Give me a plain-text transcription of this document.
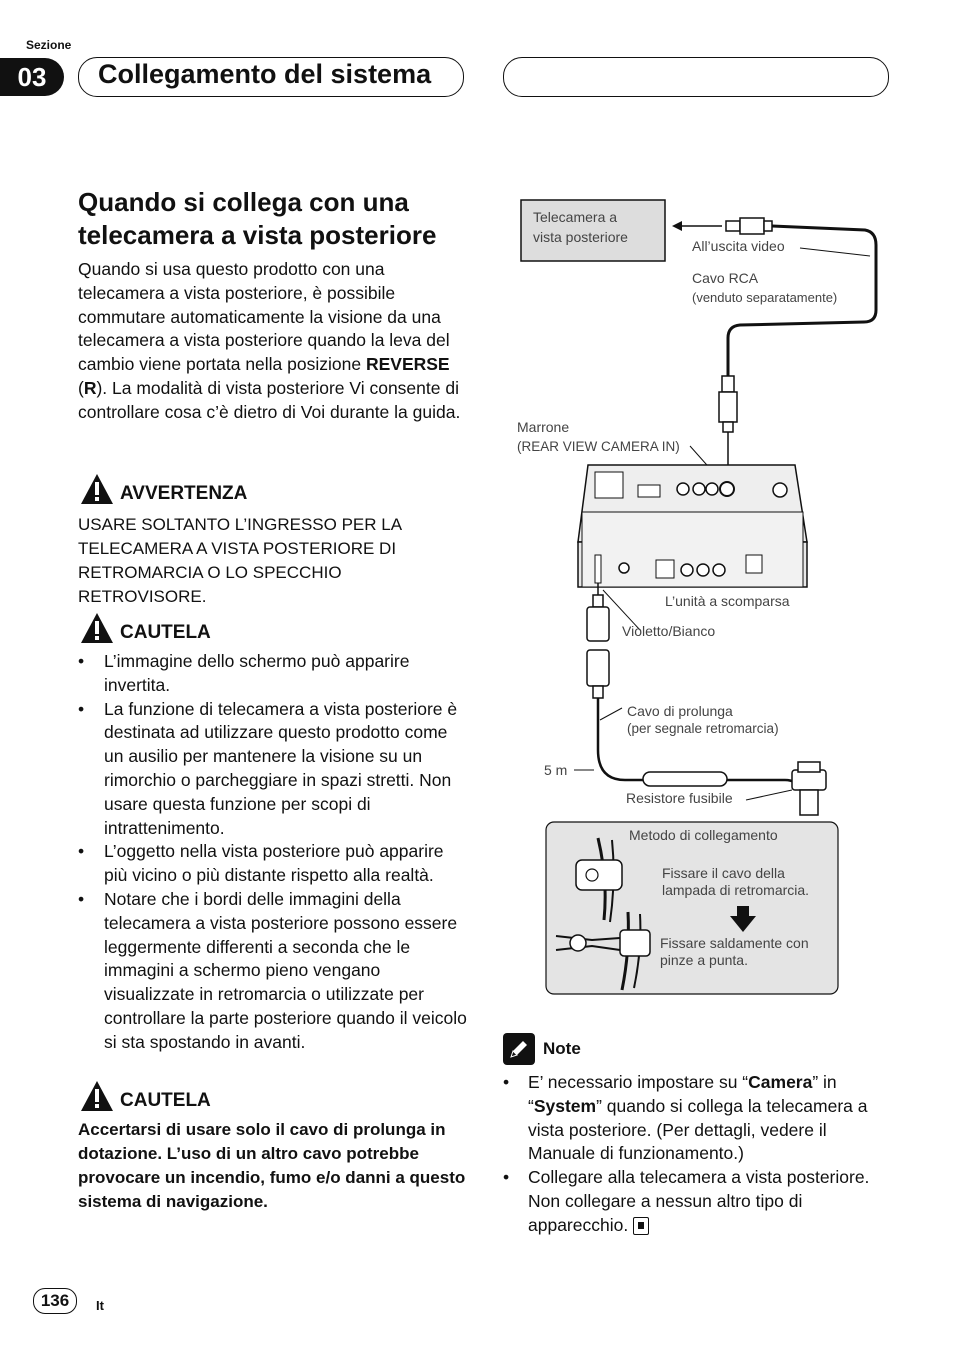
Sezione
03	Collegamento del sistema
Quando si collega con una telecamera a vista posteriore
Quando si usa questo prodotto con una telecamera a vista posteriore, è possibile commutare automaticamente la visione da una telecamera a vista posteriore quando la leva del cambio viene portata nella posizione REVERSE (R). La modalità di vista posteriore Vi consente di controllare cosa c’è dietro di Voi durante la guida.
AVVERTENZA
USARE SOLTANTO L’INGRESSO PER LA TELECAMERA A VISTA POSTERIORE DI RETROMARCIA O LO SPECCHIO RETROVISORE.
CAUTELA
• L’immagine dello schermo può apparire invertita.
• La funzione di telecamera a vista posteriore è destinata ad utilizzare questo prodotto come un ausilio per mantenere la visione su un rimorchio o parcheggiare in spazi stretti. Non usare questa funzione per scopi di intrattenimento.
• L’oggetto nella vista posteriore può apparire più vicino o più distante rispetto alla realtà.
• Notare che i bordi delle immagini della telecamera a vista posteriore possono essere leggermente differenti a seconda che le immagini a schermo pieno vengano visualizzate in retromarcia o utilizzate per controllare la parte posteriore quando il veicolo si sta spostando in avanti.
CAUTELA
Accertarsi di usare solo il cavo di prolunga in dotazione. L’uso di un altro cavo potrebbe provocare un incendio, fumo e/o danni a questo sistema di navigazione.
Telecamera a
vista posteriore
All’uscita video
Cavo RCA
(venduto separatamente)
Marrone
(REAR VIEW CAMERA IN)
L’unità a scomparsa
Violetto/Bianco
Cavo di prolunga
(per segnale retromarcia)
5 m
Resistore fusibile
Metodo di collegamento
Fissare il cavo della
lampada di retromarcia.
Fissare saldamente con
pinze a punta.
Note
• E’ necessario impostare su “Camera” in “System” quando si collega la telecamera a vista posteriore. (Per dettagli, vedere il Manuale di funzionamento.)
• Collegare alla telecamera a vista posteriore. Non collegare a nessun altro tipo di apparecchio.
136	It
